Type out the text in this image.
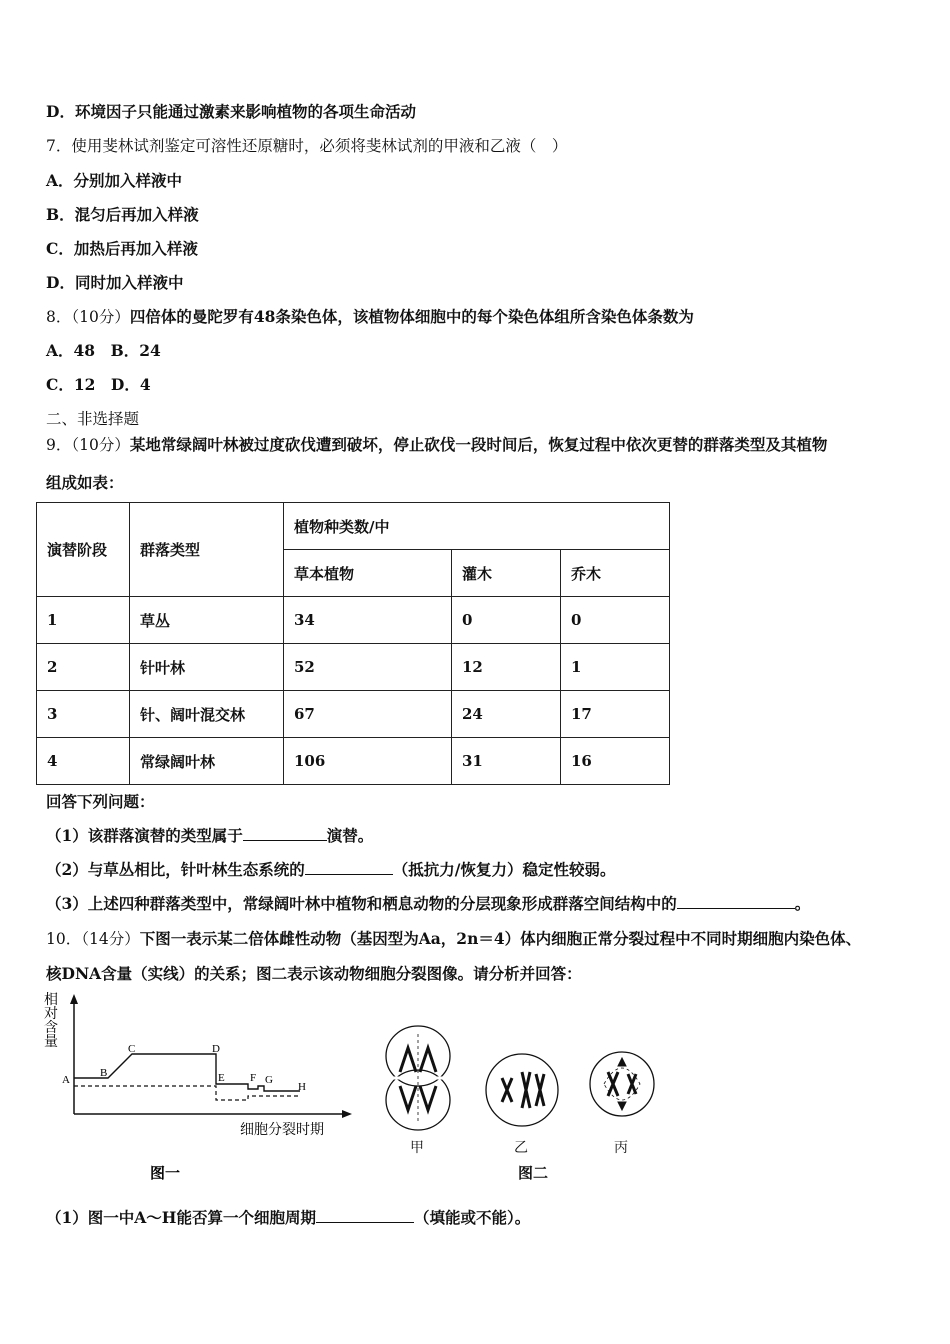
D．环境因子只能通过激素来影响植物的各项生命活动
7．使用斐林试剂鉴定可溶性还原糖时，必须将斐林试剂的甲液和乙液（　）
A．分别加入样液中
B．混匀后再加入样液
C．加热后再加入样液
D．同时加入样液中
8．（10分）四倍体的曼陀罗有48条染色体，该植物体细胞中的每个染色体组所含染色体条数为
A．48　B．24
C．12　D．4
二、非选择题
9．（10分）某地常绿阔叶林被过度砍伐遭到破坏，停止砍伐一段时间后，恢复过程中依次更替的群落类型及其植物
组成如表：
演替阶段	群落类型	植物种类数/中		
		草本植物	灌木	乔木
1	草丛	34	0	0
2	针叶林	52	12	1
3	针、阔叶混交林	67	24	17
4	常绿阔叶林	106	31	16
回答下列问题：
（1）该群落演替的类型属于	演替。
（2）与草丛相比，针叶林生态系统的	（抵抗力/恢复力）稳定性较弱。
（3）上述四种群落类型中，常绿阔叶林中植物和栖息动物的分层现象形成群落空间结构中的	。
10．（14分）下图一表示某二倍体雌性动物（基因型为Aa，2n＝4）体内细胞正常分裂过程中不同时期细胞内染色体、
核DNA含量（实线）的关系；图二表示该动物细胞分裂图像。请分析并回答：
相
对
含
量
A
B
C	D
E F G
H
细胞分裂时期
图一
甲	乙	丙
图二
（1）图一中A～H能否算一个细胞周期	（填能或不能）。
